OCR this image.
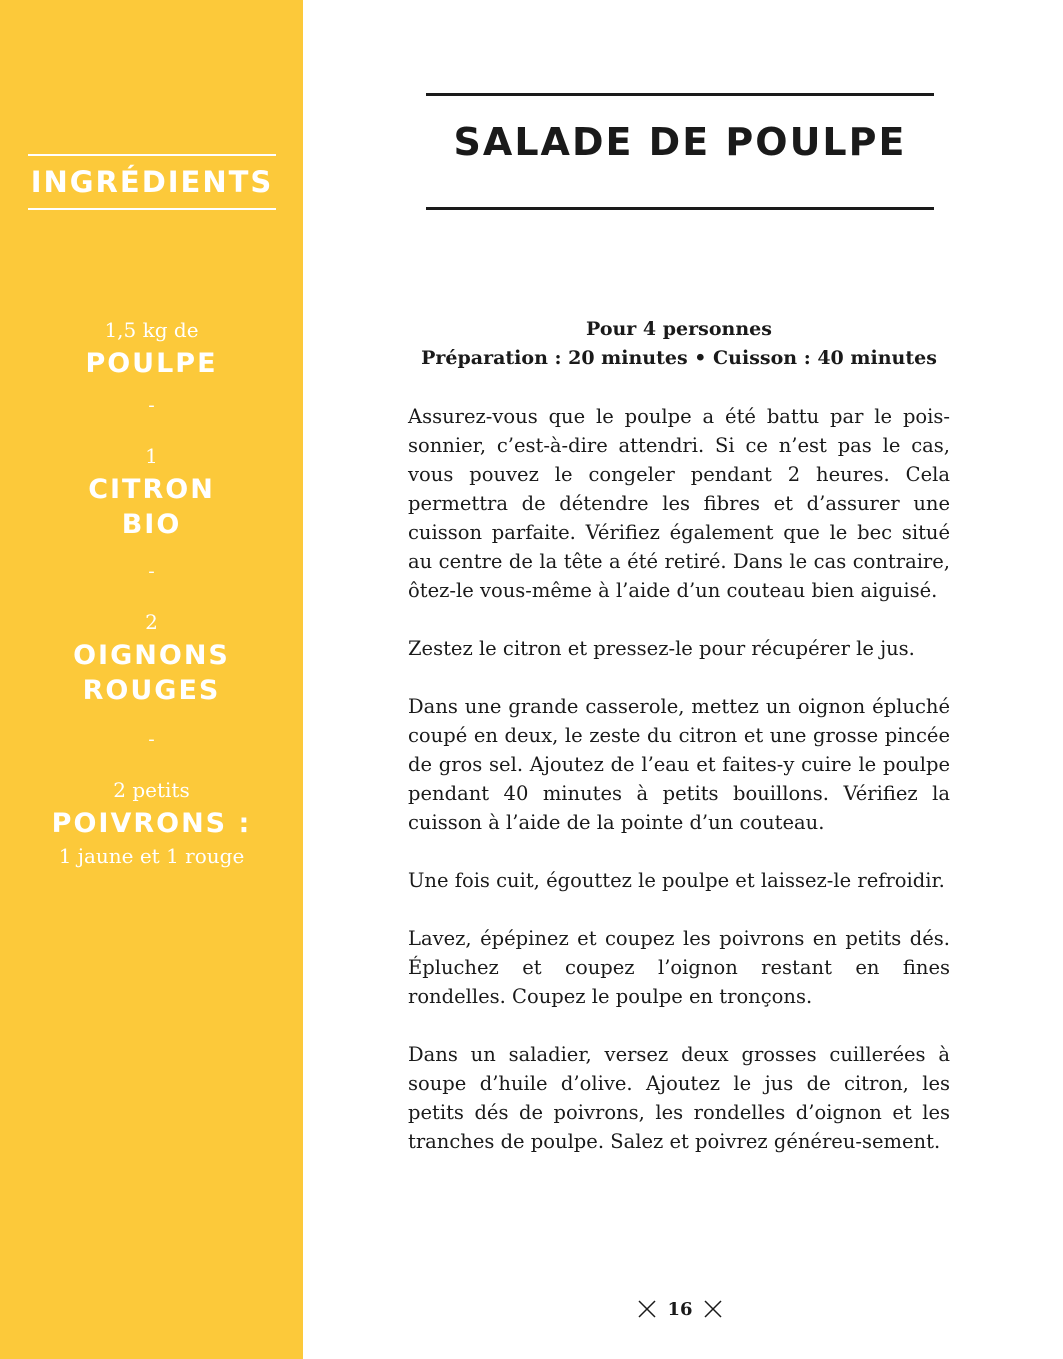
INGRÉDIENTS
1,5 kg de
POULPE
-
1
CITRON
BIO
-
2
OIGNONS
ROUGES
-
2 petits
POIVRONS :
1 jaune et 1 rouge
SALADE DE POULPE
Pour 4 personnes
Préparation : 20 minutes • Cuisson : 40 minutes

Assurez-vous que le poulpe a été battu par le pois-sonnier, c’est-à-dire attendri. Si ce n’est pas le cas, vous pouvez le congeler pendant 2 heures. Cela permettra de détendre les fibres et d’assurer une cuisson parfaite. Vérifiez également que le bec situé au centre de la tête a été retiré. Dans le cas contraire, ôtez-le vous-même à l’aide d’un couteau bien aiguisé.

Zestez le citron et pressez-le pour récupérer le jus.

Dans une grande casserole, mettez un oignon épluché coupé en deux, le zeste du citron et une grosse pincée de gros sel. Ajoutez de l’eau et faites-y cuire le poulpe pendant 40 minutes à petits bouillons. Vérifiez la cuisson à l’aide de la pointe d’un couteau.

Une fois cuit, égouttez le poulpe et laissez-le refroidir.

Lavez, épépinez et coupez les poivrons en petits dés. Épluchez et coupez l’oignon restant en fines rondelles. Coupez le poulpe en tronçons.

Dans un saladier, versez deux grosses cuillerées à soupe d’huile d’olive. Ajoutez le jus de citron, les petits dés de poivrons, les rondelles d’oignon et les tranches de poulpe. Salez et poivrez généreu-sement.

16
